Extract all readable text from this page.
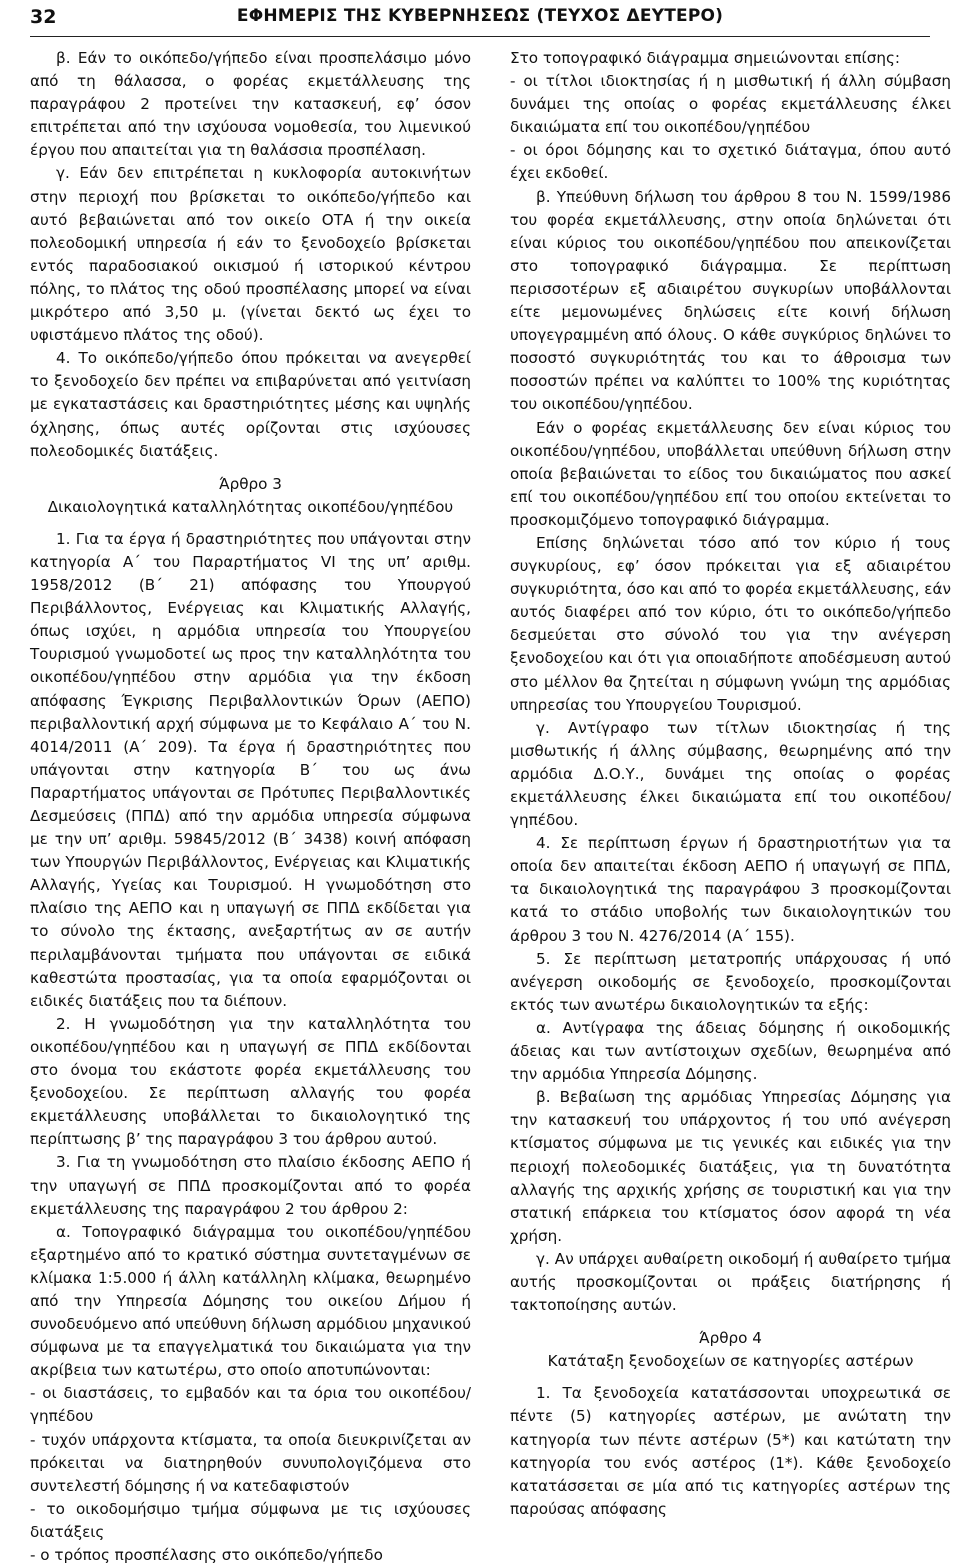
32	ΕΦΗΜΕΡΙΣ ΤΗΣ ΚΥΒΕΡΝΗΣΕΩΣ (ΤΕΥΧΟΣ ΔΕΥΤΕΡΟ)

β. Εάν το οικόπεδο/γήπεδο είναι προσπελάσιμο μόνο από τη θάλασσα, ο φορέας εκμετάλλευσης της παραγράφου 2 προτείνει την κατασκευή, εφ’ όσον επιτρέπεται από την ισχύουσα νομοθεσία, του λιμενικού έργου που απαιτείται για τη θαλάσσια προσπέλαση.

γ. Εάν δεν επιτρέπεται η κυκλοφορία αυτοκινήτων στην περιοχή που βρίσκεται το οικόπεδο/γήπεδο και αυτό βεβαιώνεται από τον οικείο ΟΤΑ ή την οικεία πολεοδομική υπηρεσία ή εάν το ξενοδοχείο βρίσκεται εντός παραδοσιακού οικισμού ή ιστορικού κέντρου πόλης, το πλάτος της οδού προσπέλασης μπορεί να είναι μικρότερο από 3,50 μ. (γίνεται δεκτό ως έχει το υφιστάμενο πλάτος της οδού).

4. Το οικόπεδο/γήπεδο όπου πρόκειται να ανεγερθεί το ξενοδοχείο δεν πρέπει να επιβαρύνεται από γειτνίαση με εγκαταστάσεις και δραστηριότητες μέσης και υψηλής όχλησης, όπως αυτές ορίζονται στις ισχύουσες πολεοδομικές διατάξεις.

Άρθρο 3

Δικαιολογητικά καταλληλότητας οικοπέδου/γηπέδου

1. Για τα έργα ή δραστηριότητες που υπάγονται στην κατηγορία Α΄ του Παραρτήματος VI της υπ’ αριθμ. 1958/2012 (Β΄ 21) απόφασης του Υπουργού Περιβάλλοντος, Ενέργειας και Κλιματικής Αλλαγής, όπως ισχύει, η αρμόδια υπηρεσία του Υπουργείου Τουρισμού γνωμοδοτεί ως προς την καταλληλότητα του οικοπέδου/γηπέδου στην αρμόδια για την έκδοση απόφασης Έγκρισης Περιβαλλοντικών Όρων (ΑΕΠΟ) περιβαλλοντική αρχή σύμφωνα με το Κεφάλαιο Α΄ του Ν. 4014/2011 (Α΄ 209). Τα έργα ή δραστηριότητες που υπάγονται στην κατηγορία Β΄ του ως άνω Παραρτήματος υπάγονται σε Πρότυπες Περιβαλλοντικές Δεσμεύσεις (ΠΠΔ) από την αρμόδια υπηρεσία σύμφωνα με την υπ’ αριθμ. 59845/2012 (Β΄ 3438) κοινή απόφαση των Υπουργών Περιβάλλοντος, Ενέργειας και Κλιματικής Αλλαγής, Υγείας και Τουρισμού. Η γνωμοδότηση στο πλαίσιο της ΑΕΠΟ και η υπαγωγή σε ΠΠΔ εκδίδεται για το σύνολο της έκτασης, ανεξαρτήτως αν σε αυτήν περιλαμβάνονται τμήματα που υπάγονται σε ειδικά καθεστώτα προστασίας, για τα οποία εφαρμόζονται οι ειδικές διατάξεις που τα διέπουν.

2. Η γνωμοδότηση για την καταλληλότητα του οικοπέδου/γηπέδου και η υπαγωγή σε ΠΠΔ εκδίδονται στο όνομα του εκάστοτε φορέα εκμετάλλευσης του ξενοδοχείου. Σε περίπτωση αλλαγής του φορέα εκμετάλλευσης υποβάλλεται το δικαιολογητικό της περίπτωσης β’ της παραγράφου 3 του άρθρου αυτού.

3. Για τη γνωμοδότηση στο πλαίσιο έκδοσης ΑΕΠΟ ή την υπαγωγή σε ΠΠΔ προσκομίζονται από το φορέα εκμετάλλευσης της παραγράφου 2 του άρθρου 2:

α. Τοπογραφικό διάγραμμα του οικοπέδου/γηπέδου εξαρτημένο από το κρατικό σύστημα συντεταγμένων σε κλίμακα 1:5.000 ή άλλη κατάλληλη κλίμακα, θεωρημένο από την Υπηρεσία Δόμησης του οικείου Δήμου ή συνοδευόμενο από υπεύθυνη δήλωση αρμόδιου μηχανικού σύμφωνα με τα επαγγελματικά του δικαιώματα για την ακρίβεια των κατωτέρω, στο οποίο αποτυπώνονται:

- οι διαστάσεις, το εμβαδόν και τα όρια του οικοπέδου/γηπέδου

- τυχόν υπάρχοντα κτίσματα, τα οποία διευκρινίζεται αν πρόκειται να διατηρηθούν συνυπολογιζόμενα στο συντελεστή δόμησης ή να κατεδαφιστούν

- το οικοδομήσιμο τμήμα σύμφωνα με τις ισχύουσες διατάξεις

- ο τρόπος προσπέλασης στο οικόπεδο/γήπεδο

Στο τοπογραφικό διάγραμμα σημειώνονται επίσης:

- οι τίτλοι ιδιοκτησίας ή η μισθωτική ή άλλη σύμβαση δυνάμει της οποίας ο φορέας εκμετάλλευσης έλκει δικαιώματα επί του οικοπέδου/γηπέδου

- οι όροι δόμησης και το σχετικό διάταγμα, όπου αυτό έχει εκδοθεί.

β. Υπεύθυνη δήλωση του άρθρου 8 του Ν. 1599/1986 του φορέα εκμετάλλευσης, στην οποία δηλώνεται ότι είναι κύριος του οικοπέδου/γηπέδου που απεικονίζεται στο τοπογραφικό διάγραμμα. Σε περίπτωση περισσοτέρων εξ αδιαιρέτου συγκυρίων υποβάλλονται είτε μεμονωμένες δηλώσεις είτε κοινή δήλωση υπογεγραμμένη από όλους. Ο κάθε συγκύριος δηλώνει το ποσοστό συγκυριότητάς του και το άθροισμα των ποσοστών πρέπει να καλύπτει το 100% της κυριότητας του οικοπέδου/γηπέδου.

Εάν ο φορέας εκμετάλλευσης δεν είναι κύριος του οικοπέδου/γηπέδου, υποβάλλεται υπεύθυνη δήλωση στην οποία βεβαιώνεται το είδος του δικαιώματος που ασκεί επί του οικοπέδου/γηπέδου επί του οποίου εκτείνεται το προσκομιζόμενο τοπογραφικό διάγραμμα.

Επίσης δηλώνεται τόσο από τον κύριο ή τους συγκυρίους, εφ’ όσον πρόκειται για εξ αδιαιρέτου συγκυριότητα, όσο και από το φορέα εκμετάλλευσης, εάν αυτός διαφέρει από τον κύριο, ότι το οικόπεδο/γήπεδο δεσμεύεται στο σύνολό του για την ανέγερση ξενοδοχείου και ότι για οποιαδήποτε αποδέσμευση αυτού στο μέλλον θα ζητείται η σύμφωνη γνώμη της αρμόδιας υπηρεσίας του Υπουργείου Τουρισμού.

γ. Αντίγραφο των τίτλων ιδιοκτησίας ή της μισθωτικής ή άλλης σύμβασης, θεωρημένης από την αρμόδια Δ.Ο.Υ., δυνάμει της οποίας ο φορέας εκμετάλλευσης έλκει δικαιώματα επί του οικοπέδου/γηπέδου.

4. Σε περίπτωση έργων ή δραστηριοτήτων για τα οποία δεν απαιτείται έκδοση ΑΕΠΟ ή υπαγωγή σε ΠΠΔ, τα δικαιολογητικά της παραγράφου 3 προσκομίζονται κατά το στάδιο υποβολής των δικαιολογητικών του άρθρου 3 του Ν. 4276/2014 (Α΄ 155).

5. Σε περίπτωση μετατροπής υπάρχουσας ή υπό ανέγερση οικοδομής σε ξενοδοχείο, προσκομίζονται εκτός των ανωτέρω δικαιολογητικών τα εξής:

α. Αντίγραφα της άδειας δόμησης ή οικοδομικής άδειας και των αντίστοιχων σχεδίων, θεωρημένα από την αρμόδια Υπηρεσία Δόμησης.

β. Βεβαίωση της αρμόδιας Υπηρεσίας Δόμησης για την κατασκευή του υπάρχοντος ή του υπό ανέγερση κτίσματος σύμφωνα με τις γενικές και ειδικές για την περιοχή πολεοδομικές διατάξεις, για τη δυνατότητα αλλαγής της αρχικής χρήσης σε τουριστική και για την στατική επάρκεια του κτίσματος όσον αφορά τη νέα χρήση.

γ. Αν υπάρχει αυθαίρετη οικοδομή ή αυθαίρετο τμήμα αυτής προσκομίζονται οι πράξεις διατήρησης ή τακτοποίησης αυτών.

Άρθρο 4

Κατάταξη ξενοδοχείων σε κατηγορίες αστέρων

1. Τα ξενοδοχεία κατατάσσονται υποχρεωτικά σε πέντε (5) κατηγορίες αστέρων, με ανώτατη την κατηγορία των πέντε αστέρων (5*) και κατώτατη την κατηγορία του ενός αστέρος (1*). Κάθε ξενοδοχείο κατατάσσεται σε μία από τις κατηγορίες αστέρων της παρούσας απόφασης
